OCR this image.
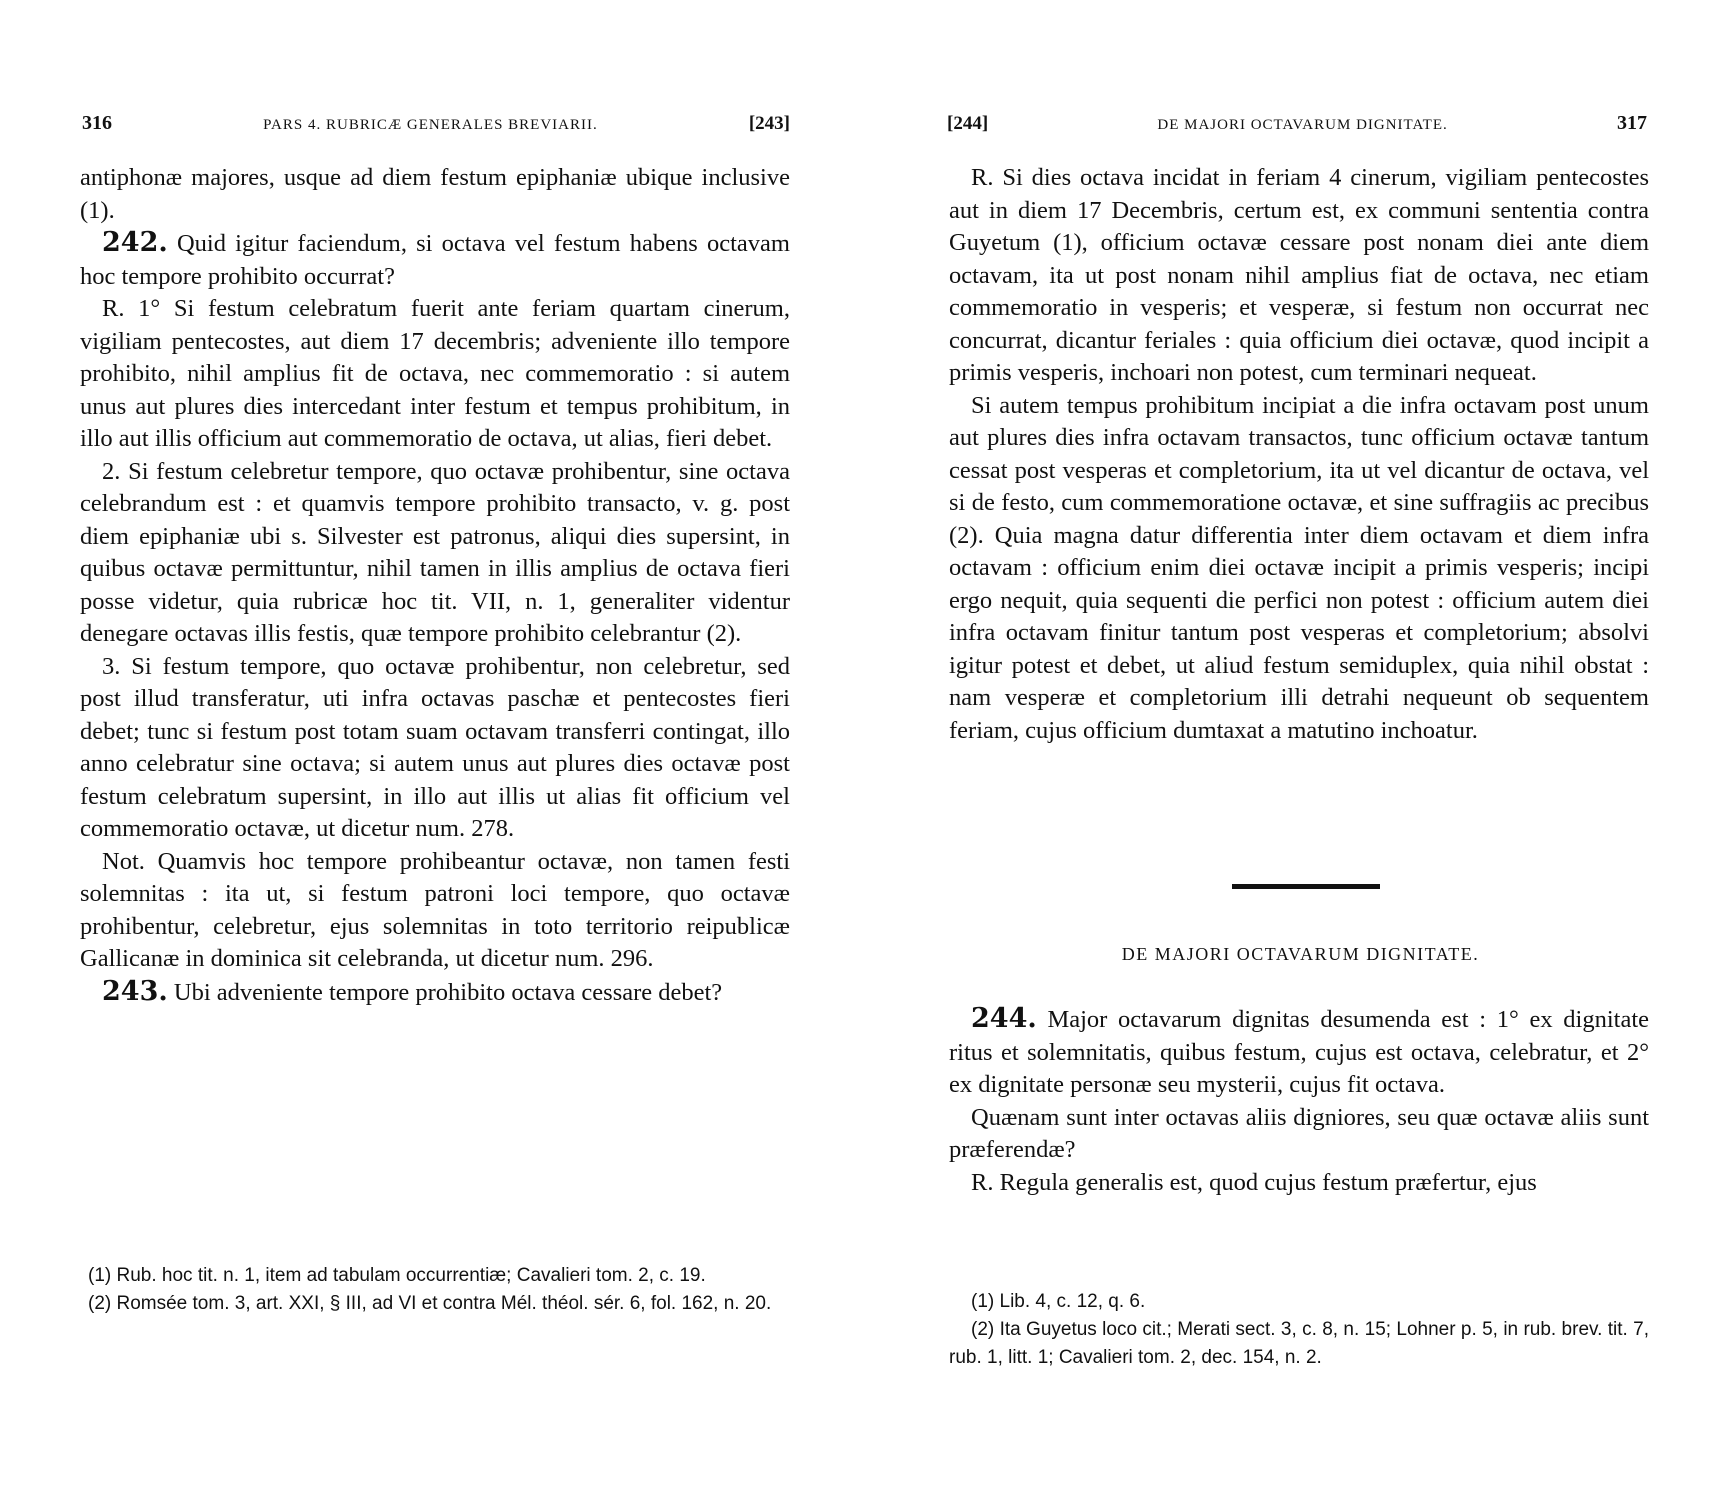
316	PARS 4. RUBRICÆ GENERALES BREVIARII.	[243]

antiphonæ majores, usque ad diem festum epiphaniæ ubique inclusive (1).

242. Quid igitur faciendum, si octava vel festum habens octavam hoc tempore prohibito occurrat?

R. 1° Si festum celebratum fuerit ante feriam quartam cinerum, vigiliam pentecostes, aut diem 17 decembris; adveniente illo tempore prohibito, nihil amplius fit de octava, nec commemoratio : si autem unus aut plures dies intercedant inter festum et tempus prohibitum, in illo aut illis officium aut commemoratio de octava, ut alias, fieri debet.

2. Si festum celebretur tempore, quo octavæ prohibentur, sine octava celebrandum est : et quamvis tempore prohibito transacto, v. g. post diem epiphaniæ ubi s. Silvester est patronus, aliqui dies supersint, in quibus octavæ permittuntur, nihil tamen in illis amplius de octava fieri posse videtur, quia rubricæ hoc tit. VII, n. 1, generaliter videntur denegare octavas illis festis, quæ tempore prohibito celebrantur (2).

3. Si festum tempore, quo octavæ prohibentur, non celebretur, sed post illud transferatur, uti infra octavas paschæ et pentecostes fieri debet; tunc si festum post totam suam octavam transferri contingat, illo anno celebratur sine octava; si autem unus aut plures dies octavæ post festum celebratum supersint, in illo aut illis ut alias fit officium vel commemoratio octavæ, ut dicetur num. 278.

Not. Quamvis hoc tempore prohibeantur octavæ, non tamen festi solemnitas : ita ut, si festum patroni loci tempore, quo octavæ prohibentur, celebretur, ejus solemnitas in toto territorio reipublicæ Gallicanæ in dominica sit celebranda, ut dicetur num. 296.

243. Ubi adveniente tempore prohibito octava cessare debet?

(1) Rub. hoc tit. n. 1, item ad tabulam occurrentiæ; Cavalieri tom. 2, c. 19.

(2) Romsée tom. 3, art. XXI, § III, ad VI et contra Mél. théol. sér. 6, fol. 162, n. 20.

[244]	DE MAJORI OCTAVARUM DIGNITATE.	317

R. Si dies octava incidat in feriam 4 cinerum, vigiliam pentecostes aut in diem 17 Decembris, certum est, ex communi sententia contra Guyetum (1), officium octavæ cessare post nonam diei ante diem octavam, ita ut post nonam nihil amplius fiat de octava, nec etiam commemoratio in vesperis; et vesperæ, si festum non occurrat nec concurrat, dicantur feriales : quia officium diei octavæ, quod incipit a primis vesperis, inchoari non potest, cum terminari nequeat.

Si autem tempus prohibitum incipiat a die infra octavam post unum aut plures dies infra octavam transactos, tunc officium octavæ tantum cessat post vesperas et completorium, ita ut vel dicantur de octava, vel si de festo, cum commemoratione octavæ, et sine suffragiis ac precibus (2). Quia magna datur differentia inter diem octavam et diem infra octavam : officium enim diei octavæ incipit a primis vesperis; incipi ergo nequit, quia sequenti die perfici non potest : officium autem diei infra octavam finitur tantum post vesperas et completorium; absolvi igitur potest et debet, ut aliud festum semiduplex, quia nihil obstat : nam vesperæ et completorium illi detrahi nequeunt ob sequentem feriam, cujus officium dumtaxat a matutino inchoatur.

DE MAJORI OCTAVARUM DIGNITATE.

244. Major octavarum dignitas desumenda est : 1° ex dignitate ritus et solemnitatis, quibus festum, cujus est octava, celebratur, et 2° ex dignitate personæ seu mysterii, cujus fit octava.

Quænam sunt inter octavas aliis digniores, seu quæ octavæ aliis sunt præferendæ?

R. Regula generalis est, quod cujus festum præfertur, ejus

(1) Lib. 4, c. 12, q. 6.

(2) Ita Guyetus loco cit.; Merati sect. 3, c. 8, n. 15; Lohner p. 5, in rub. brev. tit. 7, rub. 1, litt. 1; Cavalieri tom. 2, dec. 154, n. 2.
